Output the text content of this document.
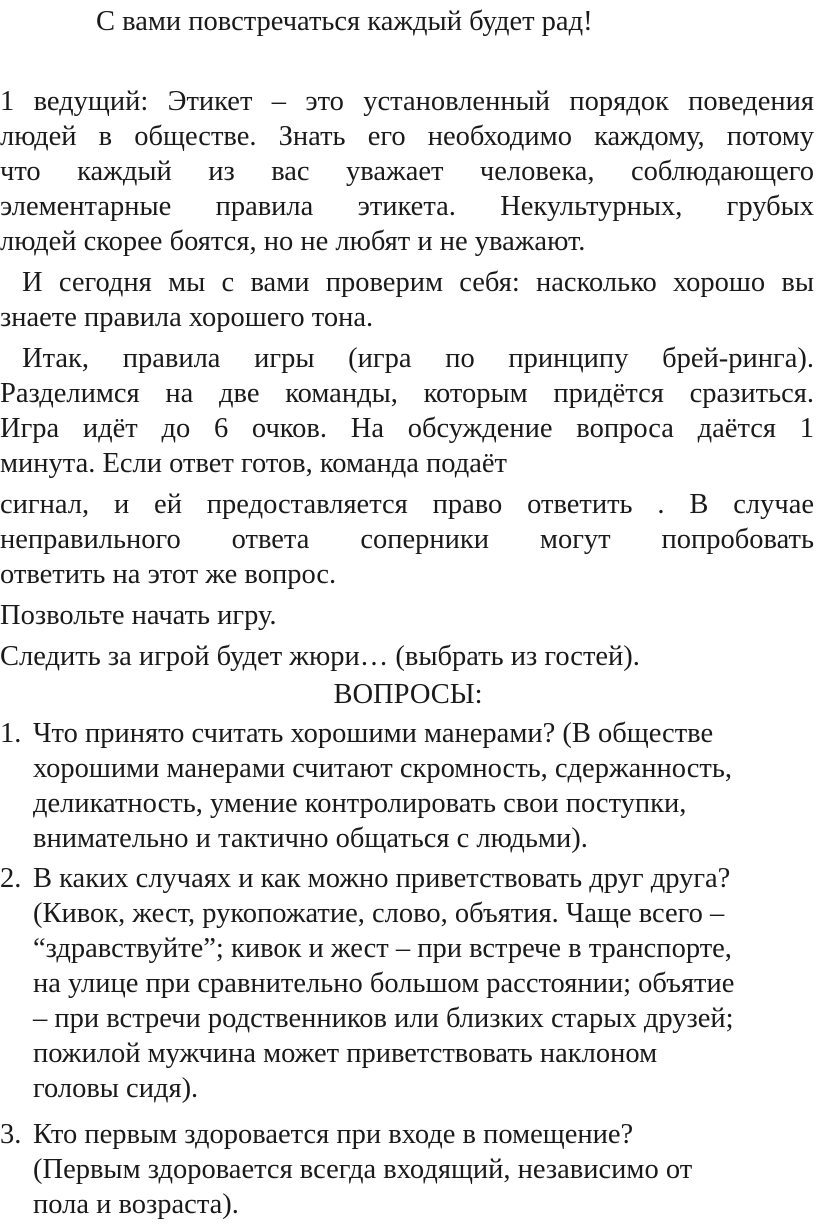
С вами повстречаться каждый будет рад!
1 ведущий: Этикет – это установленный порядок поведения
людей в обществе. Знать его необходимо каждому, потому
что каждый из вас уважает человека, соблюдающего
элементарные правила этикета. Некультурных, грубых
людей скорее боятся, но не любят и не уважают.
И сегодня мы с вами проверим себя: насколько хорошо вы
знаете правила хорошего тона.
Итак, правила игры (игра по принципу брей-ринга).
Разделимся на две команды, которым придётся сразиться.
Игра идёт до 6 очков. На обсуждение вопроса даётся 1
минута. Если ответ готов, команда подаёт
сигнал, и ей предоставляется право ответить . В случае
неправильного ответа соперники могут попробовать
ответить на этот же вопрос.
Позвольте начать игру.
Следить за игрой будет жюри… (выбрать из гостей).
ВОПРОСЫ:
1. Что принято считать хорошими манерами? (В обществе
хорошими манерами считают скромность, сдержанность,
деликатность, умение контролировать свои поступки,
внимательно и тактично общаться с людьми).
2. В каких случаях и как можно приветствовать друг друга?
(Кивок, жест, рукопожатие, слово, объятия. Чаще всего –
“здравствуйте”; кивок и жест – при встрече в транспорте,
на улице при сравнительно большом расстоянии; объятие
– при встречи родственников или близких старых друзей;
пожилой мужчина может приветствовать наклоном
головы сидя).
3. Кто первым здоровается при входе в помещение?
(Первым здоровается всегда входящий, независимо от
пола и возраста).
